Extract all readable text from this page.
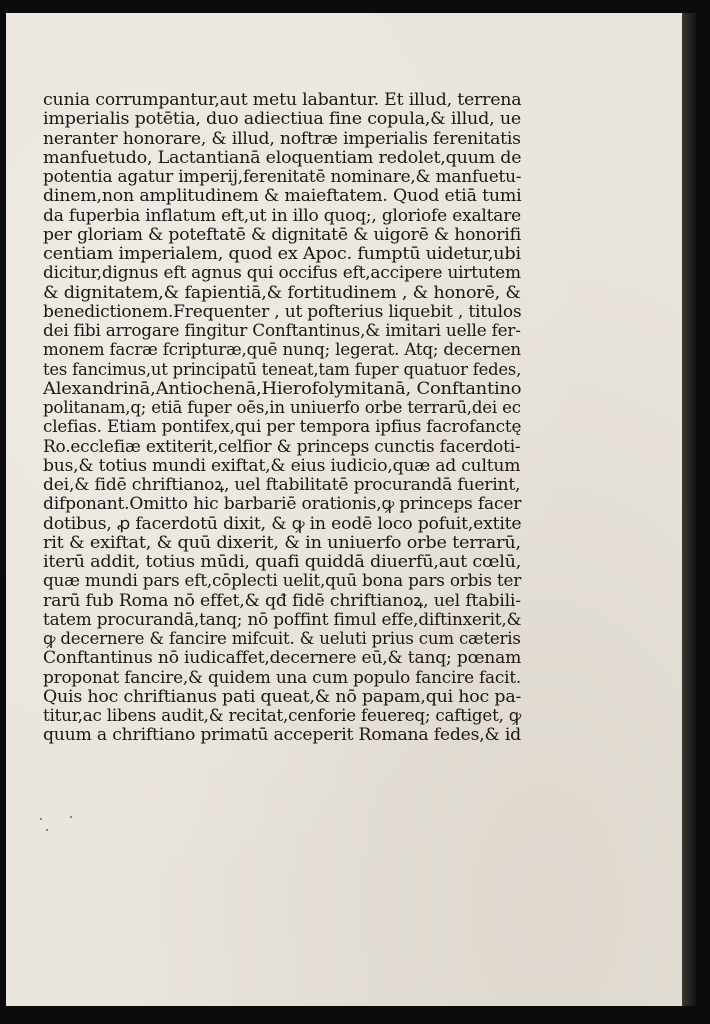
cunia corrumpantur,aut metu labantur. Et illud, terrena
imperialis potētia, duo adiectiua fine copula,& illud, ue
neranter honorare, & illud, noftræ imperialis ferenitatis
manfuetudo, Lactantianā eloquentiam redolet,quum de
potentia agatur imperij,ferenitatē nominare,& manfuetu-
dinem,non amplitudinem & maieftatem. Quod etiā tumi
da fuperbia inflatum eft,ut in illo quoq;, gloriofe exaltare
per gloriam & poteftatē & dignitatē & uigorē & honorifi
centiam imperialem, quod ex Apoc. fumptū uidetur,ubi
dicitur,dignus eft agnus qui occifus eft,accipere uirtutem
& dignitatem,& fapientiā,& fortitudinem , & honorē, &
benedictionem.Frequenter , ut pofterius liquebit , titulos
dei fibi arrogare fingitur Conftantinus,& imitari uelle fer-
monem facræ fcripturæ,quē nunq; legerat. Atq; decernen
tes fancimus,ut principatū teneat,tam fuper quatuor fedes,
Alexandrinā,Antiochenā,Hierofolymitanā, Conftantino
politanam,q; etiā fuper oēs,in uniuerfo orbe terrarū,dei ec
clefias. Etiam pontifex,qui per tempora ipfius facrofanctę
Ro.ecclefiæ extiterit,celfior & princeps cunctis facerdoti-
bus,& totius mundi exiftat,& eius iudicio,quæ ad cultum
dei,& fidē chriftianoꝝ, uel ftabilitatē procurandā fuerint,
difponant.Omitto hic barbariē orationis,ꝙ princeps facer
dotibus, ꝓ facerdotū dixit, & ꝙ in eodē loco pofuit,extite
rit & exiftat, & quū dixerit, & in uniuerfo orbe terrarū,
iterū addit, totius mūdi, quafi quiddā diuerfū,aut cœlū,
quæ mundi pars eft,cōplecti uelit,quū bona pars orbis ter
rarū fub Roma nō effet,& qđ fidē chriftianoꝝ, uel ftabili-
tatem procurandā,tanq; nō poffint fimul effe,diftinxerit,&
ꝙ decernere & fancire mifcuit. & ueluti prius cum cæteris
Conftantinus nō iudicaffet,decernere eū,& tanq; pœnam
proponat fancire,& quidem una cum populo fancire facit.
Quis hoc chriftianus pati queat,& nō papam,qui hoc pa-
titur,ac libens audit,& recitat,cenforie feuereq; caftiget, ꝙ
quum a chriftiano primatū acceperit Romana fedes,& id
